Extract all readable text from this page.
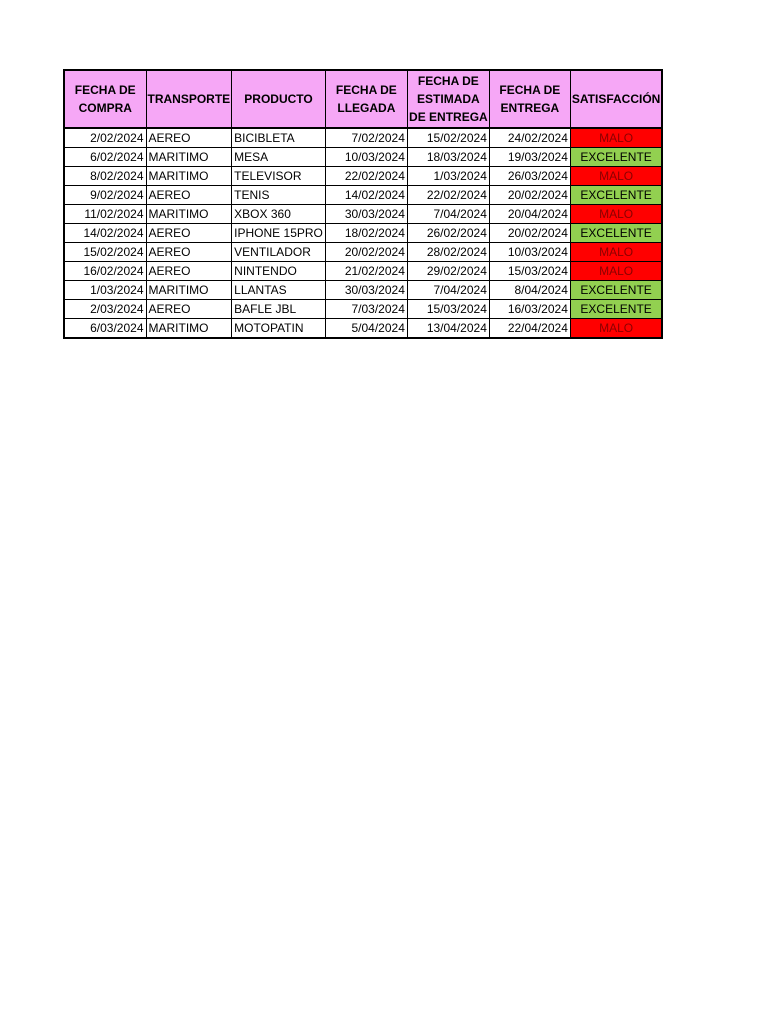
FECHA DE COMPRA	TRANSPORTE	PRODUCTO	FECHA DE LLEGADA	FECHA DE ESTIMADA DE ENTREGA	FECHA DE ENTREGA	SATISFACCIÓN
2/02/2024	AEREO	BICIBLETA	7/02/2024	15/02/2024	24/02/2024	MALO
6/02/2024	MARITIMO	MESA	10/03/2024	18/03/2024	19/03/2024	EXCELENTE
8/02/2024	MARITIMO	TELEVISOR	22/02/2024	1/03/2024	26/03/2024	MALO
9/02/2024	AEREO	TENIS	14/02/2024	22/02/2024	20/02/2024	EXCELENTE
11/02/2024	MARITIMO	XBOX 360	30/03/2024	7/04/2024	20/04/2024	MALO
14/02/2024	AEREO	IPHONE 15PRO	18/02/2024	26/02/2024	20/02/2024	EXCELENTE
15/02/2024	AEREO	VENTILADOR	20/02/2024	28/02/2024	10/03/2024	MALO
16/02/2024	AEREO	NINTENDO	21/02/2024	29/02/2024	15/03/2024	MALO
1/03/2024	MARITIMO	LLANTAS	30/03/2024	7/04/2024	8/04/2024	EXCELENTE
2/03/2024	AEREO	BAFLE JBL	7/03/2024	15/03/2024	16/03/2024	EXCELENTE
6/03/2024	MARITIMO	MOTOPATIN	5/04/2024	13/04/2024	22/04/2024	MALO
